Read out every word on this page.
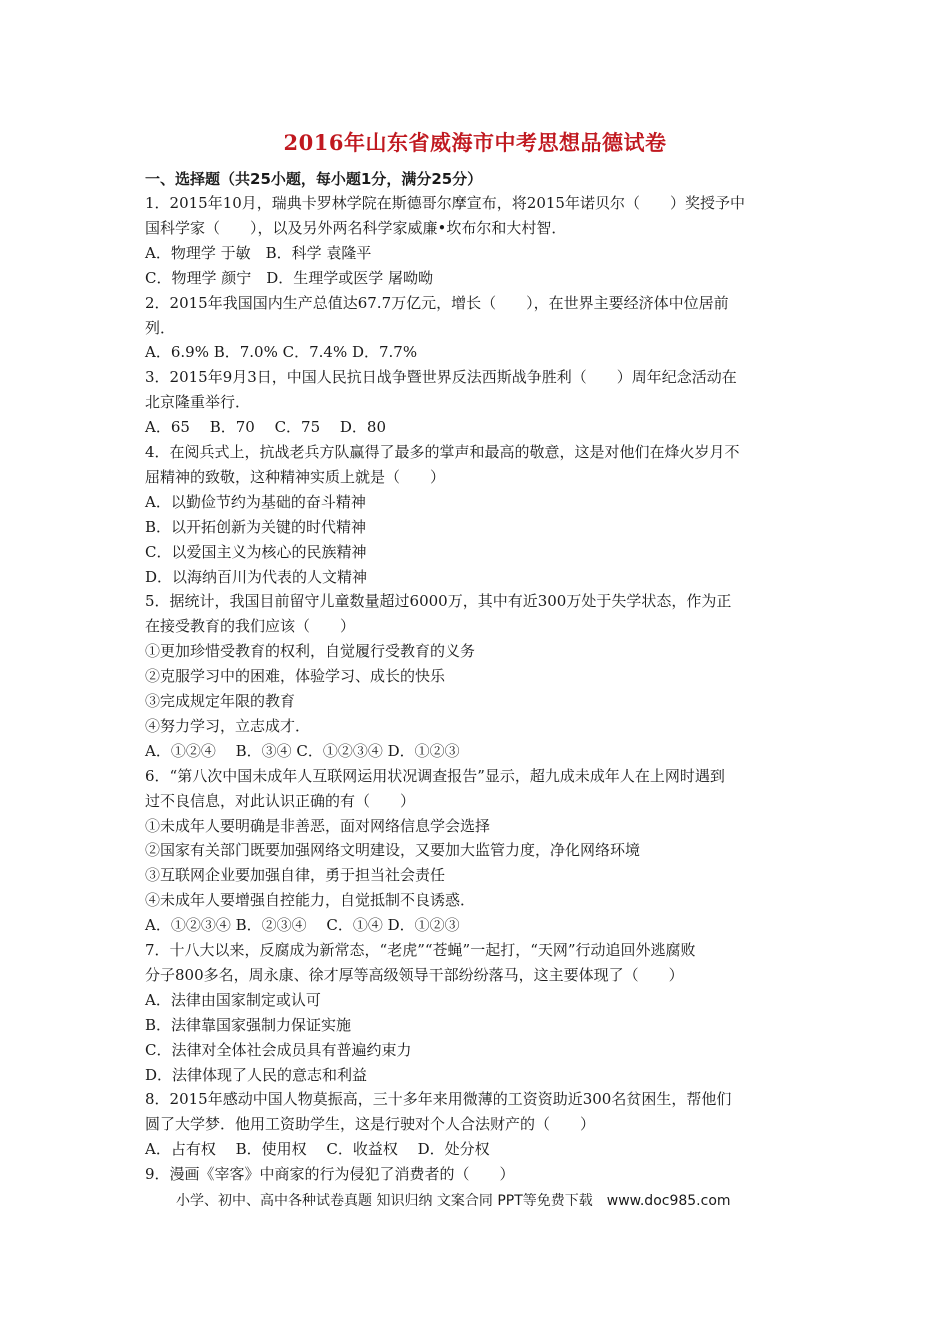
2016年山东省威海市中考思想品德试卷
一、选择题（共25小题，每小题1分，满分25分）
1．2015年10月，瑞典卡罗林学院在斯德哥尔摩宣布，将2015年诺贝尔（　　）奖授予中
国科学家（　　），以及另外两名科学家威廉•坎布尔和大村智．
A．物理学 于敏　B．科学 袁隆平
C．物理学 颜宁　D．生理学或医学 屠呦呦
2．2015年我国国内生产总值达67.7万亿元，增长（　　），在世界主要经济体中位居前
列．
A．6.9% B．7.0% C．7.4% D．7.7%
3．2015年9月3日，中国人民抗日战争暨世界反法西斯战争胜利（　　）周年纪念活动在
北京隆重举行．
A．65　 B．70　 C．75　 D．80
4．在阅兵式上，抗战老兵方队赢得了最多的掌声和最高的敬意，这是对他们在烽火岁月不
屈精神的致敬，这种精神实质上就是（　　）
A．以勤俭节约为基础的奋斗精神
B．以开拓创新为关键的时代精神
C．以爱国主义为核心的民族精神
D．以海纳百川为代表的人文精神
5．据统计，我国目前留守儿童数量超过6000万，其中有近300万处于失学状态，作为正
在接受教育的我们应该（　　）
①更加珍惜受教育的权利，自觉履行受教育的义务
②克服学习中的困难，体验学习、成长的快乐
③完成规定年限的教育
④努力学习，立志成才．
A．①②④　 B．③④ C．①②③④ D．①②③
6．“第八次中国未成年人互联网运用状况调查报告”显示，超九成未成年人在上网时遇到
过不良信息，对此认识正确的有（　　）
①未成年人要明确是非善恶，面对网络信息学会选择
②国家有关部门既要加强网络文明建设，又要加大监管力度，净化网络环境
③互联网企业要加强自律，勇于担当社会责任
④未成年人要增强自控能力，自觉抵制不良诱惑．
A．①②③④ B．②③④　 C．①④ D．①②③
7．十八大以来，反腐成为新常态，“老虎”“苍蝇”一起打，“天网”行动追回外逃腐败
分子800多名，周永康、徐才厚等高级领导干部纷纷落马，这主要体现了（　　）
A．法律由国家制定或认可
B．法律靠国家强制力保证实施
C．法律对全体社会成员具有普遍约束力
D．法律体现了人民的意志和利益
8．2015年感动中国人物莫振高，三十多年来用微薄的工资资助近300名贫困生，帮他们
圆了大学梦．他用工资助学生，这是行驶对个人合法财产的（　　）
A．占有权　 B．使用权　 C．收益权　 D．处分权
9．漫画《宰客》中商家的行为侵犯了消费者的（　　）
小学、初中、高中各种试卷真题 知识归纳 文案合同 PPT等免费下载　www.doc985.com
